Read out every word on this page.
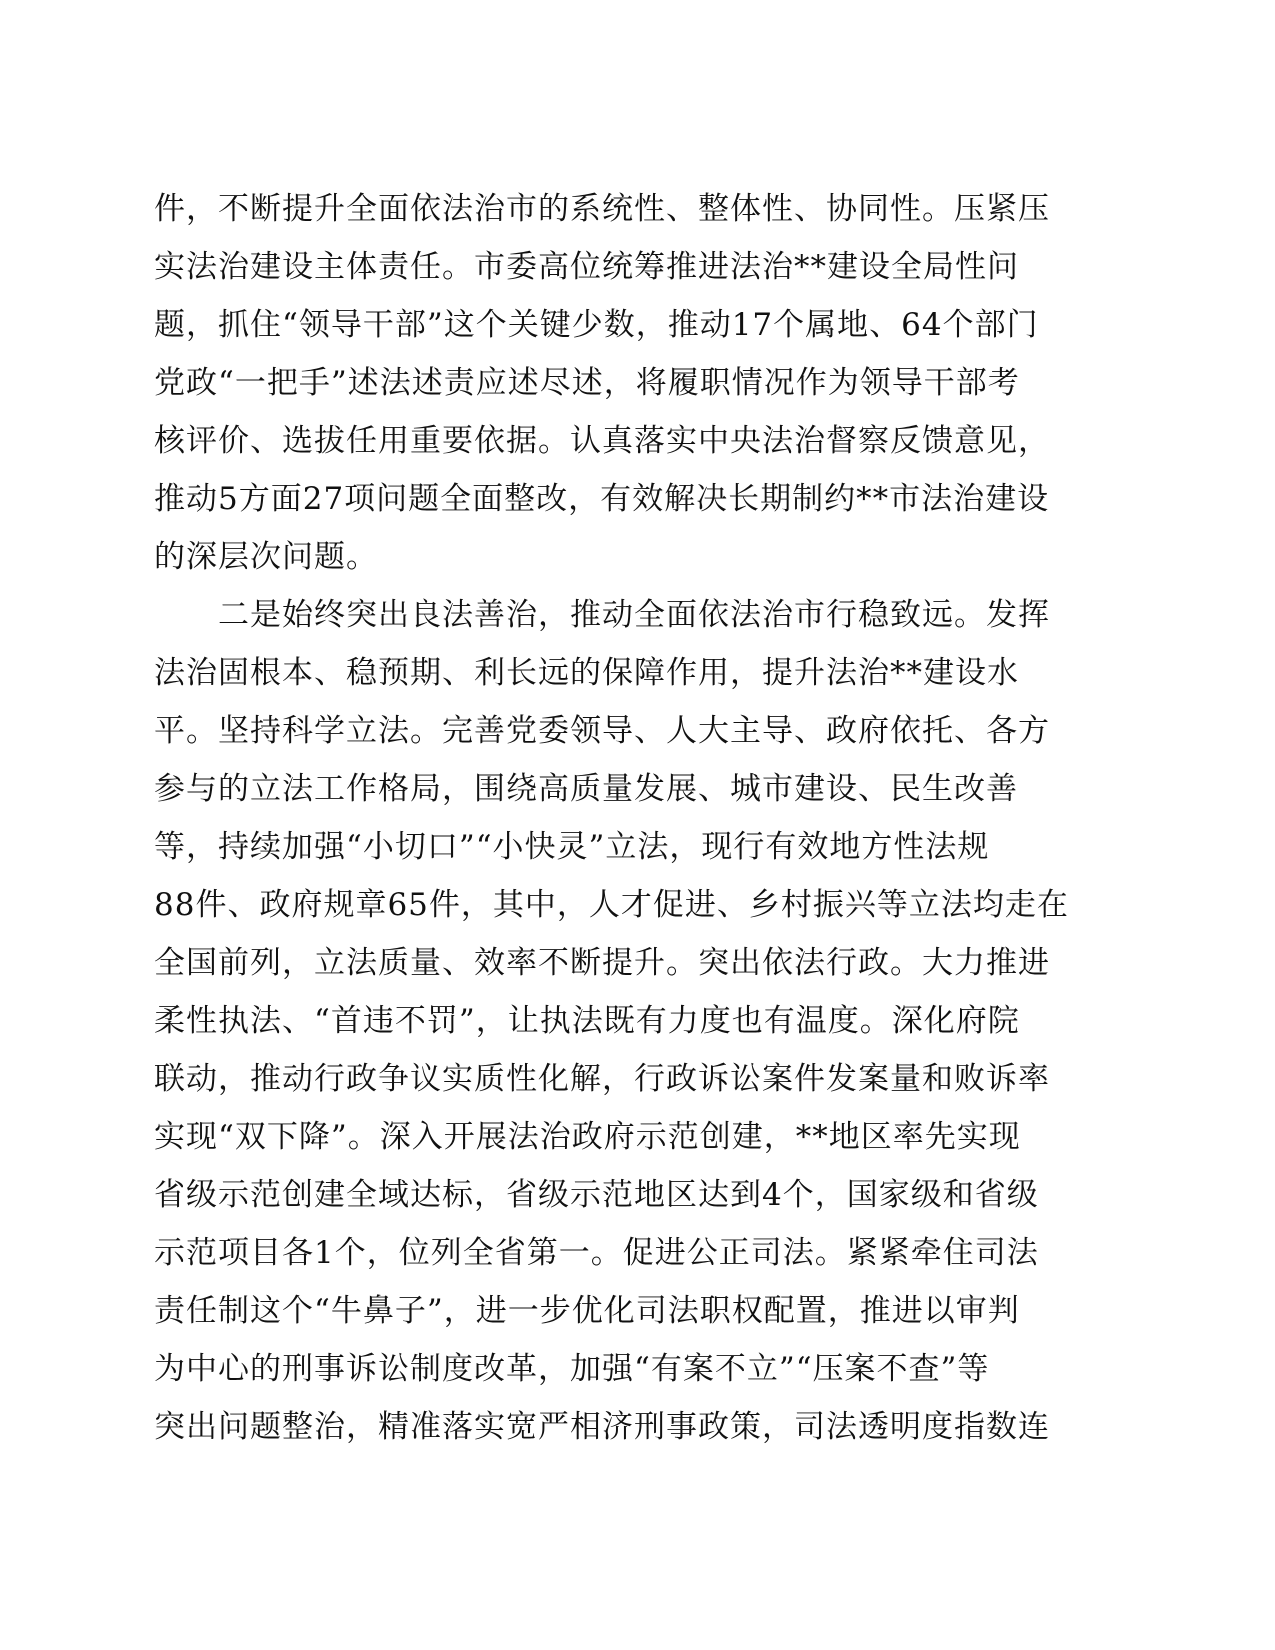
件，不断提升全面依法治市的系统性、整体性、协同性。压紧压
实法治建设主体责任。市委高位统筹推进法治**建设全局性问
题，抓住“领导干部”这个关键少数，推动17个属地、64个部门
党政“一把手”述法述责应述尽述，将履职情况作为领导干部考
核评价、选拔任用重要依据。认真落实中央法治督察反馈意见，
推动5方面27项问题全面整改，有效解决长期制约**市法治建设
的深层次问题。
　　二是始终突出良法善治，推动全面依法治市行稳致远。发挥
法治固根本、稳预期、利长远的保障作用，提升法治**建设水
平。坚持科学立法。完善党委领导、人大主导、政府依托、各方
参与的立法工作格局，围绕高质量发展、城市建设、民生改善
等，持续加强“小切口”“小快灵”立法，现行有效地方性法规
88件、政府规章65件，其中，人才促进、乡村振兴等立法均走在
全国前列，立法质量、效率不断提升。突出依法行政。大力推进
柔性执法、“首违不罚”，让执法既有力度也有温度。深化府院
联动，推动行政争议实质性化解，行政诉讼案件发案量和败诉率
实现“双下降”。深入开展法治政府示范创建，**地区率先实现
省级示范创建全域达标，省级示范地区达到4个，国家级和省级
示范项目各1个，位列全省第一。促进公正司法。紧紧牵住司法
责任制这个“牛鼻子”，进一步优化司法职权配置，推进以审判
为中心的刑事诉讼制度改革，加强“有案不立”“压案不查”等
突出问题整治，精准落实宽严相济刑事政策，司法透明度指数连
